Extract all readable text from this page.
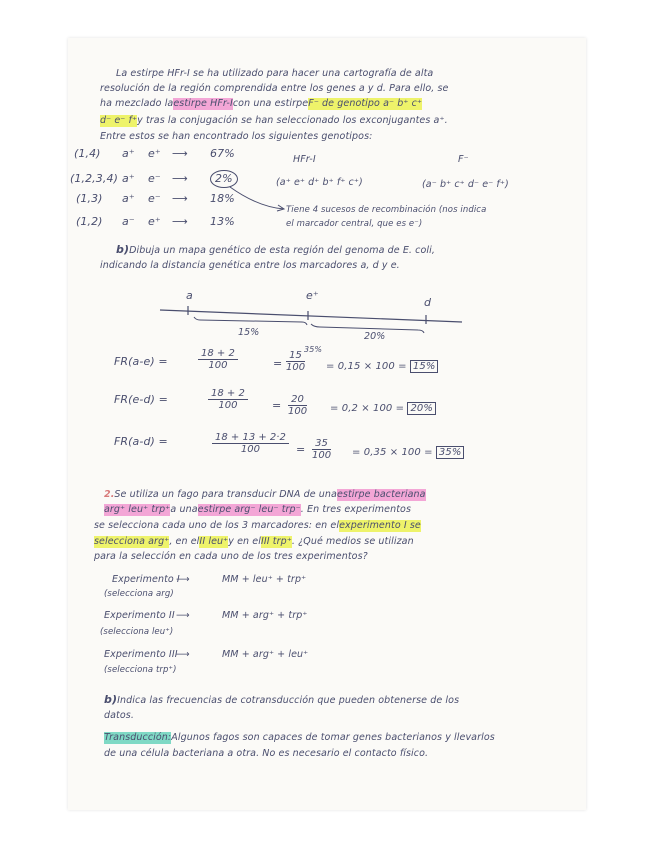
La estirpe HFr-I se ha utilizado para hacer una cartografía de alta
resolución de la región comprendida entre los genes a y d. Para ello, se
ha mezclado laestirpe HFr-Icon una estirpeF⁻ de genotipo a⁻ b⁺ c⁺
d⁻ e⁻ f⁺y tras la conjugación se han seleccionado los exconjugantes a⁺.
Entre estos se han encontrado los siguientes genotipos:
(1,4) a⁺ e⁺ ⟶ 67%
(1,2,3,4) a⁺ e⁻ ⟶ 2%
(1,3) a⁺ e⁻ ⟶ 18%
(1,2) a⁻ e⁺ ⟶ 13%
HFr-I	F⁻
(a⁺ e⁺ d⁺ b⁺ f⁺ c⁺)	(a⁻ b⁺ c⁺ d⁻ e⁻ f⁺)
Tiene 4 sucesos de recombinación (nos indica
el marcador central, que es e⁻)
b)Dibuja un mapa genético de esta región del genoma de E. coli,
indicando la distancia genética entre los marcadores a, d y e.
a	e⁺
d
15%	20%
35%
FR(a-e) =	$\frac{18 + 2}{100}$	= $\frac{15}{100} = 0,15 \times 100 = 15\%$
FR(e-d) =	$\frac{18 + 2}{100} = \frac{20}{100} = 0,2 \times 100 = 20\%$
FR(a-d) =	$\frac{18 + 13 + 2\cdot 2}{100} = \frac{35}{100} = 0,35 \times 100 = 35\%$
2.Se utiliza un fago para transducir DNA de unaestirpe bacteriana
arg⁺ leu⁺ trp⁺a unaestirpe arg⁻ leu⁻ trp⁻. En tres experimentos
se selecciona cada uno de los 3 marcadores: en elexperimento I se
selecciona arg⁺, en elII leu⁺y en elIII trp⁺. ¿Qué medios se utilizan
para la selección en cada uno de los tres experimentos?
Experimento I⟶	MM + leu⁺ + trp⁺
(selecciona arg)
Experimento II⟶	MM + arg⁺ + trp⁺
(selecciona leu⁺)
Experimento III⟶	MM + arg⁺ + leu⁺
(selecciona trp⁺)
b)Indica las frecuencias de cotransducción que pueden obtenerse de los
datos.
Transducción:Algunos fagos son capaces de tomar genes bacterianos y llevarlos
de una célula bacteriana a otra. No es necesario el contacto físico.
